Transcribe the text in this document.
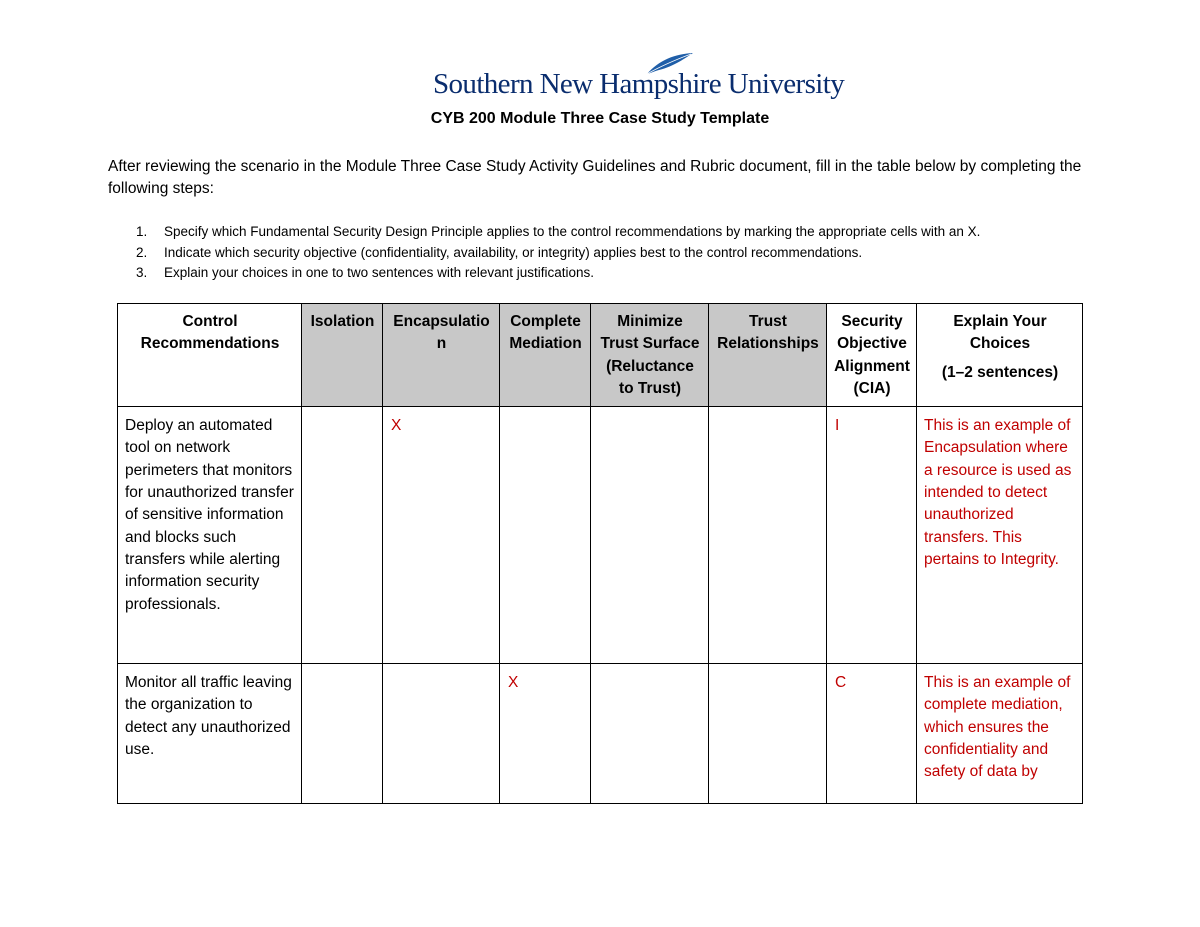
Southern New Hampshire University
CYB 200 Module Three Case Study Template
After reviewing the scenario in the Module Three Case Study Activity Guidelines and Rubric document, fill in the table below by completing the following steps:
1. Specify which Fundamental Security Design Principle applies to the control recommendations by marking the appropriate cells with an X.
2. Indicate which security objective (confidentiality, availability, or integrity) applies best to the control recommendations.
3. Explain your choices in one to two sentences with relevant justifications.
Control Recommendations	Isolation	Encapsulation	Complete Mediation	Minimize Trust Surface (Reluctance to Trust)	Trust Relationships	Security Objective Alignment (CIA)	Explain Your Choices
(1–2 sentences)

Deploy an automated tool on network perimeters that monitors for unauthorized transfer of sensitive information and blocks such transfers while alerting information security professionals.		X				I	This is an example of Encapsulation where a resource is used as intended to detect unauthorized transfers. This pertains to Integrity.
Monitor all traffic leaving the organization to detect any unauthorized use.			X			C	This is an example of complete mediation, which ensures the confidentiality and safety of data by
